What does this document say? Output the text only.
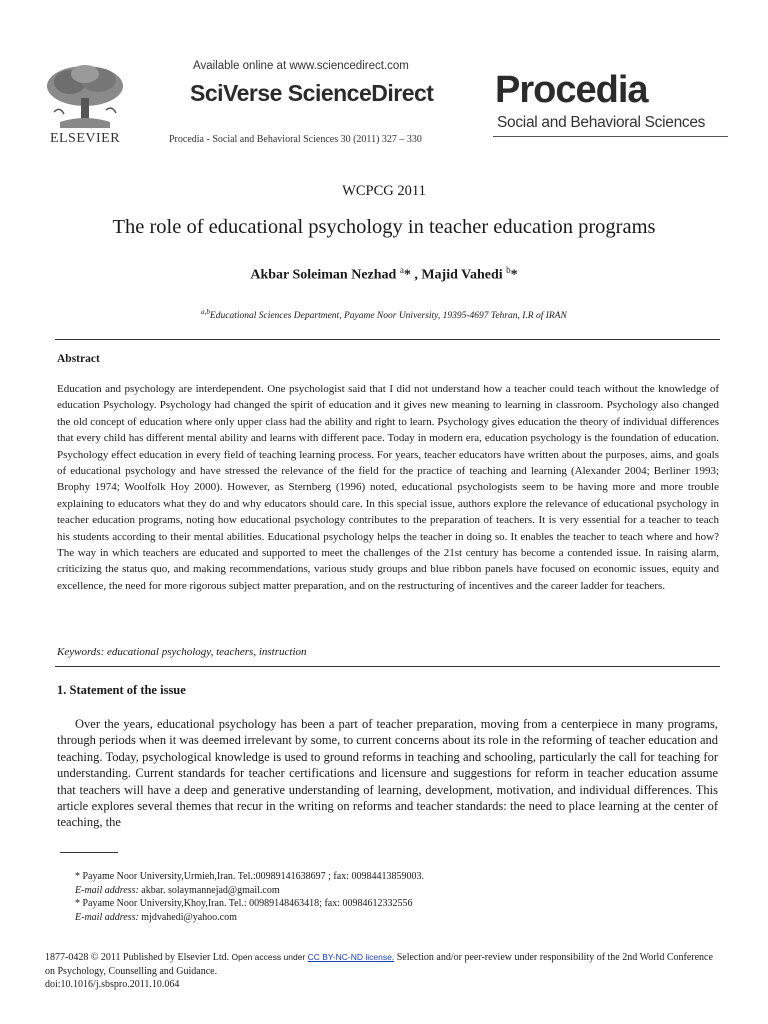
ELSEVIER
Available online at www.sciencedirect.com
SciVerse ScienceDirect
Procedia - Social and Behavioral Sciences 30 (2011) 327 – 330
Procedia
Social and Behavioral Sciences
WCPCG 2011
The role of educational psychology in teacher education programs
Akbar Soleiman Nezhad $^a$* , Majid Vahedi $^b$*
$^{a,b}$Educational Sciences Department, Payame Noor University, 19395-4697 Tehran, I.R of IRAN
Abstract
Education and psychology are interdependent. One psychologist said that I did not understand how a teacher could teach without the knowledge of education Psychology. Psychology had changed the spirit of education and it gives new meaning to learning in classroom. Psychology also changed the old concept of education where only upper class had the ability and right to learn. Psychology gives education the theory of individual differences that every child has different mental ability and learns with different pace. Today in modern era, education psychology is the foundation of education. Psychology effect education in every field of teaching learning process. For years, teacher educators have written about the purposes, aims, and goals of educational psychology and have stressed the relevance of the field for the practice of teaching and learning (Alexander 2004; Berliner 1993; Brophy 1974; Woolfolk Hoy 2000). However, as Sternberg (1996) noted, educational psychologists seem to be having more and more trouble explaining to educators what they do and why educators should care. In this special issue, authors explore the relevance of educational psychology in teacher education programs, noting how educational psychology contributes to the preparation of teachers. It is very essential for a teacher to teach his students according to their mental abilities. Educational psychology helps the teacher in doing so. It enables the teacher to teach where and how? The way in which teachers are educated and supported to meet the challenges of the 21st century has become a contended issue. In raising alarm, criticizing the status quo, and making recommendations, various study groups and blue ribbon panels have focused on economic issues, equity and excellence, the need for more rigorous subject matter preparation, and on the restructuring of incentives and the career ladder for teachers.
Keywords: educational psychology, teachers, instruction
1. Statement of the issue
Over the years, educational psychology has been a part of teacher preparation, moving from a centerpiece in many programs, through periods when it was deemed irrelevant by some, to current concerns about its role in the reforming of teacher education and teaching. Today, psychological knowledge is used to ground reforms in teaching and schooling, particularly the call for teaching for understanding. Current standards for teacher certifications and licensure and suggestions for reform in teacher education assume that teachers will have a deep and generative understanding of learning, development, motivation, and individual differences. This article explores several themes that recur in the writing on reforms and teacher standards: the need to place learning at the center of teaching, the
* Payame Noor University,Urmieh,Iran. Tel.:00989141638697 ; fax: 00984413859003.
E-mail address: akbar. solaymannejad@gmail.com
* Payame Noor University,Khoy,Iran. Tel.: 00989148463418; fax: 00984612332556
E-mail address: mjdvahedi@yahoo.com
1877-0428 © 2011 Published by Elsevier Ltd. Open access under CC BY-NC-ND license. Selection and/or peer-review under responsibility of the 2nd World Conference on Psychology, Counselling and Guidance.
doi:10.1016/j.sbspro.2011.10.064
